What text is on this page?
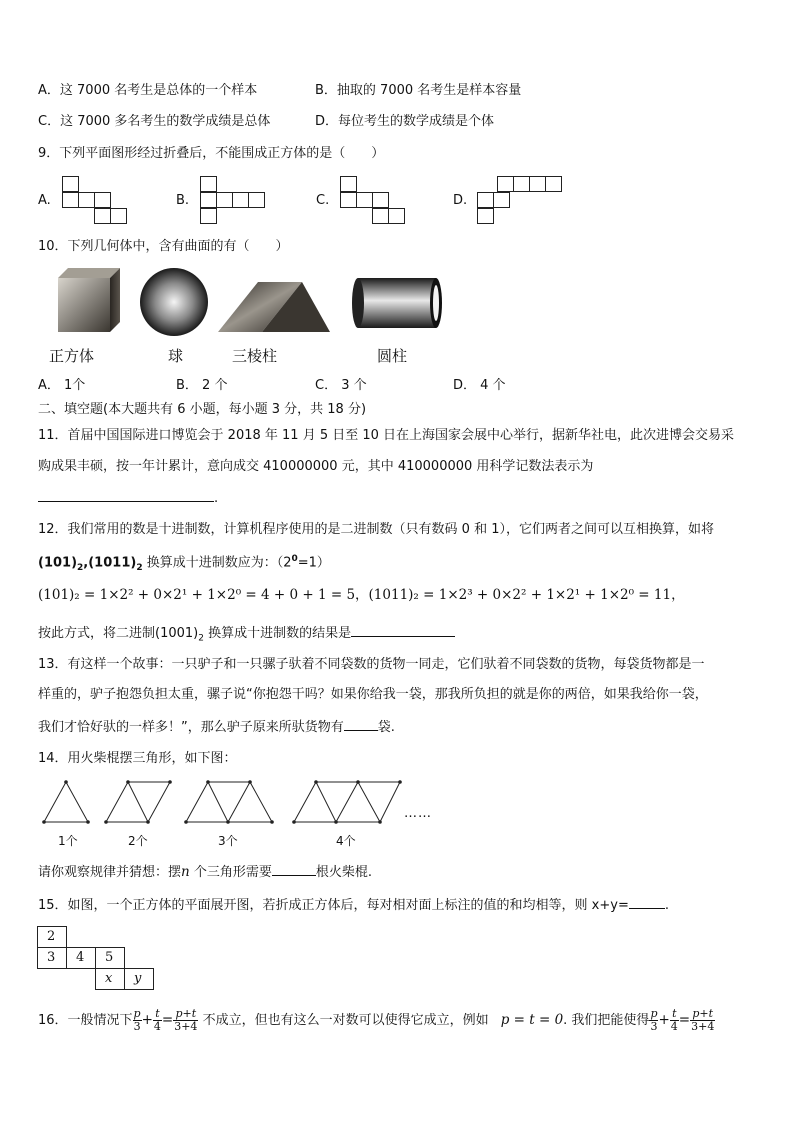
A．这 7000 名考生是总体的一个样本	B．抽取的 7000 名考生是样本容量
C．这 7000 多名考生的数学成绩是总体	D．每位考生的数学成绩是个体
9．下列平面图形经过折叠后，不能围成正方体的是（　　）
A.	B.	C.	D.
10．下列几何体中，含有曲面的有（　　）
正方体	球	三棱柱	圆柱
A． 1个	B． 2 个	C． 3 个	D． 4 个
二、填空题(本大题共有 6 小题，每小题 3 分，共 18 分)
11．首届中国国际进口博览会于 2018 年 11 月 5 日至 10 日在上海国家会展中心举行，据新华社电，此次进博会交易采
购成果丰硕，按一年计累计，意向成交 410000000 元，其中 410000000 用科学记数法表示为
.
12．我们常用的数是十进制数，计算机程序使用的是二进制数（只有数码 0 和 1），它们两者之间可以互相换算，如将
$(101)_2,(1011)_2$ 换算成十进制数应为：$(2^0=1)$
(101)₂ = 1×2² + 0×2¹ + 1×2⁰ = 4 + 0 + 1 = 5，(1011)₂ = 1×2³ + 0×2² + 1×2¹ + 1×2⁰ = 11，
按此方式，将二进制$(1001)_2$ 换算成十进制数的结果是
13．有这样一个故事：一只驴子和一只骡子驮着不同袋数的货物一同走，它们驮着不同袋数的货物，每袋货物都是一
样重的，驴子抱怨负担太重，骡子说“你抱怨干吗？如果你给我一袋，那我所负担的就是你的两倍，如果我给你一袋，
我们才恰好驮的一样多！”，那么驴子原来所驮货物有	袋.
14．用火柴棍摆三角形，如下图：
……
1个	2个	3个	4个
请你观察规律并猜想：摆n 个三角形需要	根火柴棍.
15．如图，一个正方体的平面展开图，若折成正方体后，每对相对面上标注的值的和均相等，则 x+y=	.
2
3	4	5
x	y
16．一般情况下 $\frac{p}{3} + \frac{t}{4} = \frac{p+t}{3+4}$ 不成立，但也有这么一对数可以使得它成立，例如 p = t = 0. 我们把能使得 $\frac{p}{3} + \frac{t}{4} = \frac{p+t}{3+4}$
